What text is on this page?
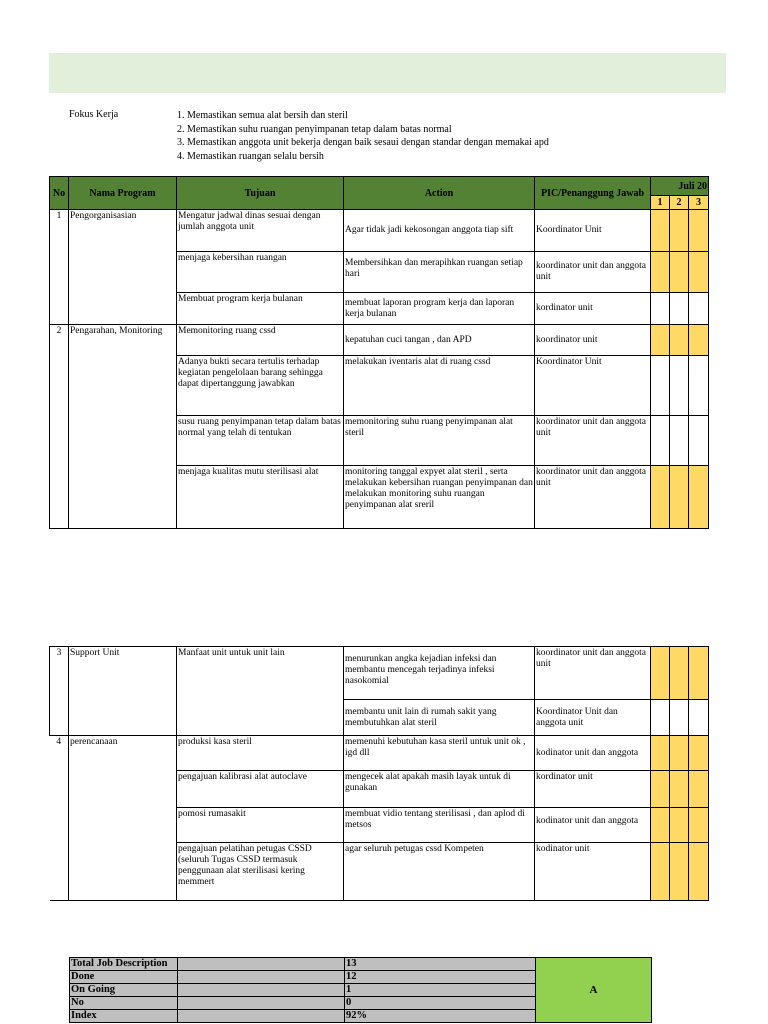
Fokus Kerja	1. Memastikan semua alat bersih dan steril
2. Memastikan suhu ruangan penyimpanan tetap dalam batas normal
3. Memastikan anggota unit bekerja dengan baik sesaui dengan standar dengan memakai apd
4. Memastikan ruangan selalu bersih
No	Nama Program	Tujuan	Action	PIC/Penanggung Jawab	Juli 20		
					1	2	3
1	Pengorganisasian	Mengatur jadwal dinas sesuai dengan jumlah anggota unit	Agar tidak jadi kekosongan anggota tiap sift	Koordinator Unit			
		menjaga kebersihan ruangan	Membersihkan dan merapihkan ruangan setiap hari	koordinator unit dan anggota unit			
		Membuat program kerja bulanan	membuat laporan program kerja dan laporan kerja bulanan	kordinator unit			
2	Pengarahan, Monitoring	Memonitoring ruang cssd	kepatuhan cuci tangan , dan APD	koordinator unit			
		Adanya bukti secara tertulis terhadap kegiatan pengelolaan barang sehingga dapat dipertanggung jawabkan	melakukan iventaris alat di ruang cssd	Koordinator Unit			
		susu ruang penyimpanan tetap dalam batas normal yang telah di tentukan	memonitoring suhu ruang penyimpanan alat steril	koordinator unit dan anggota unit			
		menjaga kualitas mutu sterilisasi alat	monitoring tanggal expyet alat steril , serta melakukan kebersihan ruangan penyimpanan dan melakukan monitoring suhu ruangan penyimpanan alat sreril	koordinator unit dan anggota unit			
3	Support Unit	Manfaat unit untuk unit lain	menurunkan angka kejadian infeksi dan membantu mencegah terjadinya infeksi nasokomial	koordinator unit dan anggota unit			
			membantu unit lain di rumah sakit yang membutuhkan alat steril	Koordinator Unit dan anggota unit			
4	perencanaan	produksi kasa steril	memenuhi kebutuhan kasa steril untuk unit ok , igd dll	kodinator unit dan anggota			
		pengajuan kalibrasi alat autoclave	mengecek alat apakah masih layak untuk di gunakan	kordinator unit			
		pomosi rumasakit	membuat vidio tentang sterilisasi , dan aplod di metsos	kodinator unit dan anggota			
		pengajuan pelatihan petugas CSSD (seluruh Tugas CSSD termasuk penggunaan alat sterilisasi kering memmert	agar seluruh petugas cssd Kompeten	kodinator unit			
Total Job Description		13	A
Done		12	
On Going		1	
No		0	
Index		92%	
